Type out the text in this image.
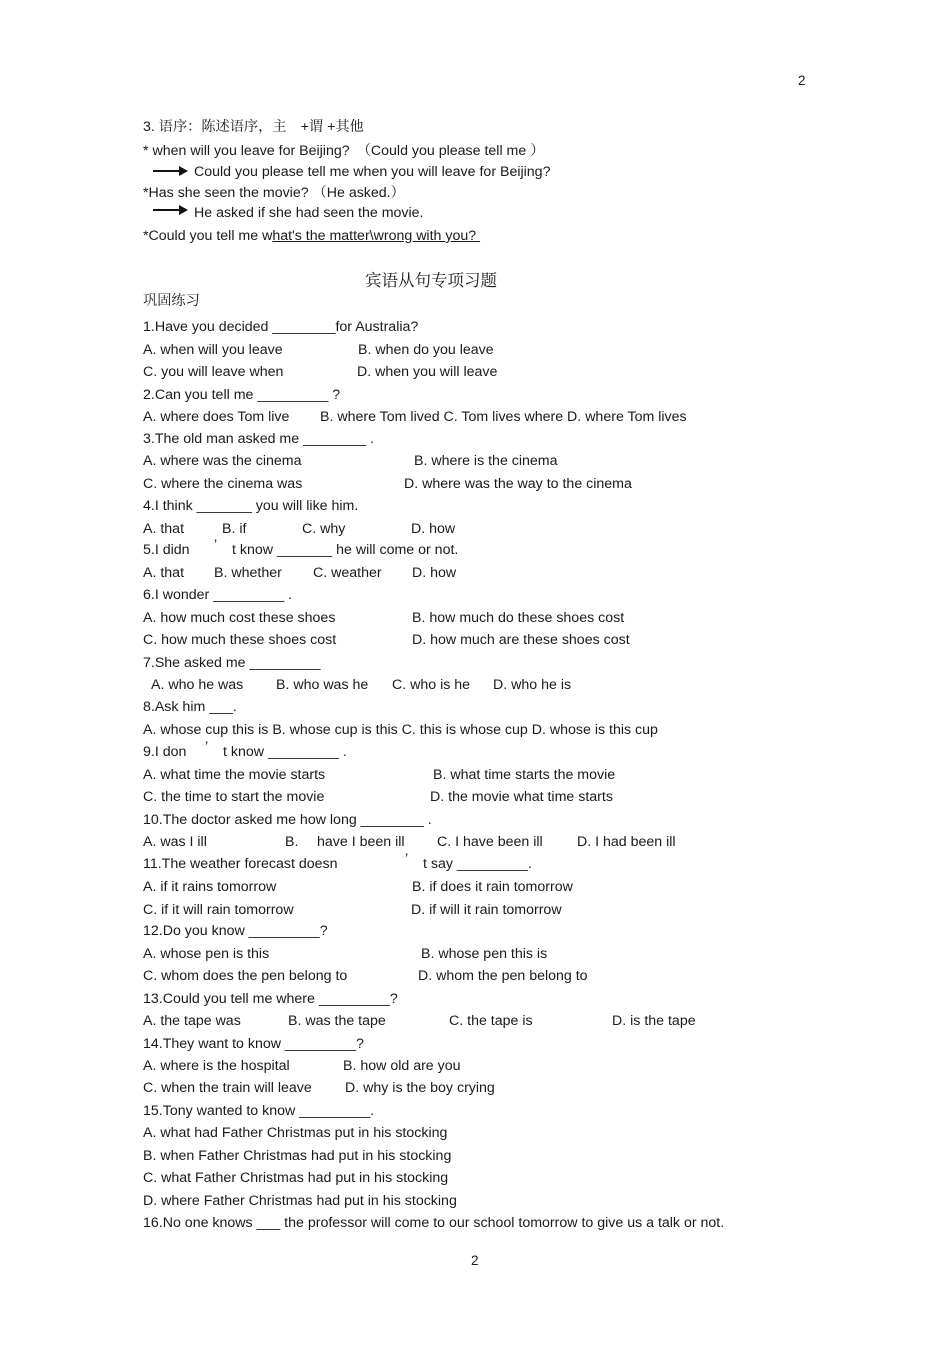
2
2
3. 语序：陈述语序，主　+谓 +其他
* when will you leave for Beijing?　（Could you please tell me ）
Could you please tell me when you will leave for Beijing?
*Has she seen the movie? （He asked.）
He asked if she had seen the movie.
*Could you tell me what's the matter\wrong with you?
宾语从句专项习题
巩固练习
1.Have you decided ________for Australia?
A. when will you leave	B. when do you leave
C. you will leave when	D. when you will leave
2.Can you tell me _________ ?
A. where does Tom live B. where Tom lived C. Tom lives where D. where Tom lives
3.The old man asked me ________ .
A. where was the cinema	B. where is the cinema
C. where the cinema was	D. where was the way to the cinema
4.I think _______ you will like him.
A. that	B. if	C. why	D. how
5.I didn ’ t know _______ he will come or not.
A. that B. whether C. weather D. how
6.I wonder _________ .
A. how much cost these shoes	B. how much do these shoes cost
C. how much these shoes cost	D. how much are these shoes cost
7.She asked me _________
A. who he was B. who was he C. who is he D. who he is
8.Ask him ___.
A. whose cup this is B. whose cup is this C. this is whose cup D. whose is this cup
9.I don ’ t know _________ .
A. what time the movie starts	B. what time starts the movie
C. the time to start the movie	D. the movie what time starts
10.The doctor asked me how long ________ .
A. was I ill	B. have I been ill C. I have been ill D. I had been ill
11.The weather forecast doesn	’ t say _________.
A. if it rains tomorrow	B. if does it rain tomorrow
C. if it will rain tomorrow	D. if will it rain tomorrow
12.Do you know _________?
A. whose pen is this	B. whose pen this is
C. whom does the pen belong to	D. whom the pen belong to
13.Could you tell me where _________?
A. the tape was	B. was the tape	C. the tape is	D. is the tape
14.They want to know _________?
A. where is the hospital	B. how old are you
C. when the train will leave D. why is the boy crying
15.Tony wanted to know _________.
A. what had Father Christmas put in his stocking
B. when Father Christmas had put in his stocking
C. what Father Christmas had put in his stocking
D. where Father Christmas had put in his stocking
16.No one knows ___ the professor will come to our school tomorrow to give us a talk or not.
